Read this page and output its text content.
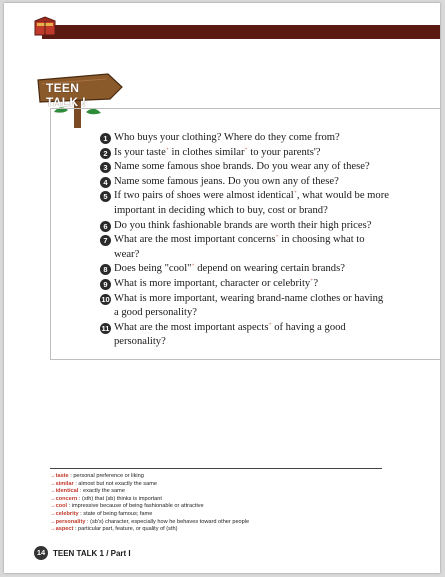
TEEN TALK !
1 Who buys your clothing? Where do they come from?
2 Is your taste+ in clothes similar+ to your parents'?
3 Name some famous shoe brands. Do you wear any of these?
4 Name some famous jeans. Do you own any of these?
5 If two pairs of shoes were almost identical+, what would be more important in deciding which to buy, cost or brand?
6 Do you think fashionable brands are worth their high prices?
7 What are the most important concerns+ in choosing what to wear?
8 Does being "cool"+ depend on wearing certain brands?
9 What is more important, character or celebrity+?
10 What is more important, wearing brand-name clothes or having a good personality?
11 What are the most important aspects+ of having a good personality?
→taste : personal preference or liking
→similar : almost but not exactly the same
→identical : exactly the same
→concern : (sth) that (sb) thinks is important
→cool : impressive because of being fashionable or attractive
→celebrity : state of being famous; fame
→personality : (sb's) character, especially how he behaves toward other people
→aspect : particular part, feature, or quality of (sth)
14 TEEN TALK 1 / Part I
